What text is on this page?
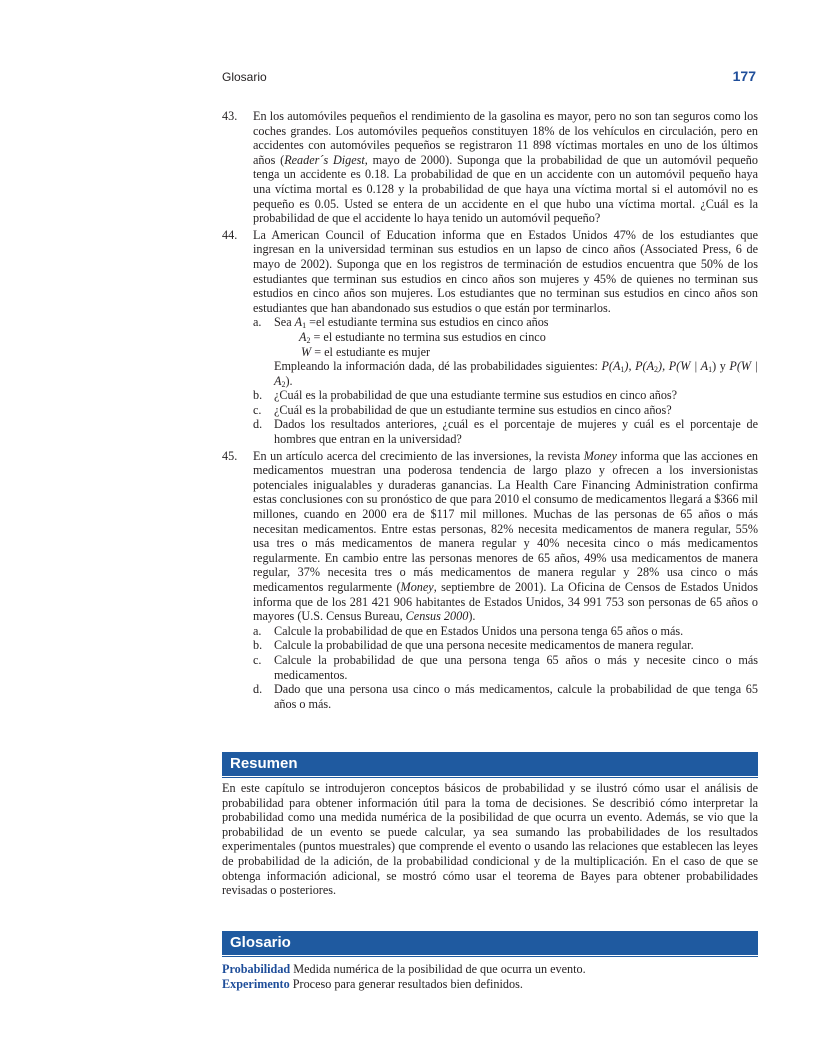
Glosario	177
43. En los automóviles pequeños el rendimiento de la gasolina es mayor, pero no son tan seguros como los coches grandes. Los automóviles pequeños constituyen 18% de los vehículos en circulación, pero en accidentes con automóviles pequeños se registraron 11 898 víctimas mortales en uno de los últimos años (Reader´s Digest, mayo de 2000). Suponga que la probabilidad de que un automóvil pequeño tenga un accidente es 0.18. La probabilidad de que en un accidente con un automóvil pequeño haya una víctima mortal es 0.128 y la probabilidad de que haya una víctima mortal si el automóvil no es pequeño es 0.05. Usted se entera de un accidente en el que hubo una víctima mortal. ¿Cuál es la probabilidad de que el accidente lo haya tenido un automóvil pequeño?
44. La American Council of Education informa que en Estados Unidos 47% de los estudiantes que ingresan en la universidad terminan sus estudios en un lapso de cinco años (Associated Press, 6 de mayo de 2002). Suponga que en los registros de terminación de estudios encuentra que 50% de los estudiantes que terminan sus estudios en cinco años son mujeres y 45% de quienes no terminan sus estudios en cinco años son mujeres. Los estudiantes que no terminan sus estudios en cinco años son estudiantes que han abandonado sus estudios o que están por terminarlos.
a. Sea $A_1 =el$ estudiante termina sus estudios en cinco años
$A_2$ = el estudiante no termina sus estudios en cinco
W = el estudiante es mujer
Empleando la información dada, dé las probabilidades siguientes: $P(A_1)$, $P(A_2)$, P(W | $A_1$) y P(W | $A_2$).
b. ¿Cuál es la probabilidad de que una estudiante termine sus estudios en cinco años?
c. ¿Cuál es la probabilidad de que un estudiante termine sus estudios en cinco años?
d. Dados los resultados anteriores, ¿cuál es el porcentaje de mujeres y cuál es el porcentaje de hombres que entran en la universidad?
45. En un artículo acerca del crecimiento de las inversiones, la revista Money informa que las acciones en medicamentos muestran una poderosa tendencia de largo plazo y ofrecen a los inversionistas potenciales inigualables y duraderas ganancias. La Health Care Financing Administration confirma estas conclusiones con su pronóstico de que para 2010 el consumo de medicamentos llegará a $366 mil millones, cuando en 2000 era de $117 mil millones. Muchas de las personas de 65 años o más necesitan medicamentos. Entre estas personas, 82% necesita medicamentos de manera regular, 55% usa tres o más medicamentos de manera regular y 40% necesita cinco o más medicamentos regularmente. En cambio entre las personas menores de 65 años, 49% usa medicamentos de manera regular, 37% necesita tres o más medicamentos de manera regular y 28% usa cinco o más medicamentos regularmente (Money, septiembre de 2001). La Oficina de Censos de Estados Unidos informa que de los 281 421 906 habitantes de Estados Unidos, 34 991 753 son personas de 65 años o mayores (U.S. Census Bureau, Census 2000).
a. Calcule la probabilidad de que en Estados Unidos una persona tenga 65 años o más.
b. Calcule la probabilidad de que una persona necesite medicamentos de manera regular.
c. Calcule la probabilidad de que una persona tenga 65 años o más y necesite cinco o más medicamentos.
d. Dado que una persona usa cinco o más medicamentos, calcule la probabilidad de que tenga 65 años o más.
Resumen
En este capítulo se introdujeron conceptos básicos de probabilidad y se ilustró cómo usar el análisis de probabilidad para obtener información útil para la toma de decisiones. Se describió cómo interpretar la probabilidad como una medida numérica de la posibilidad de que ocurra un evento. Además, se vio que la probabilidad de un evento se puede calcular, ya sea sumando las probabilidades de los resultados experimentales (puntos muestrales) que comprende el evento o usando las relaciones que establecen las leyes de probabilidad de la adición, de la probabilidad condicional y de la multiplicación. En el caso de que se obtenga información adicional, se mostró cómo usar el teorema de Bayes para obtener probabilidades revisadas o posteriores.
Glosario
Probabilidad Medida numérica de la posibilidad de que ocurra un evento.
Experimento Proceso para generar resultados bien definidos.
